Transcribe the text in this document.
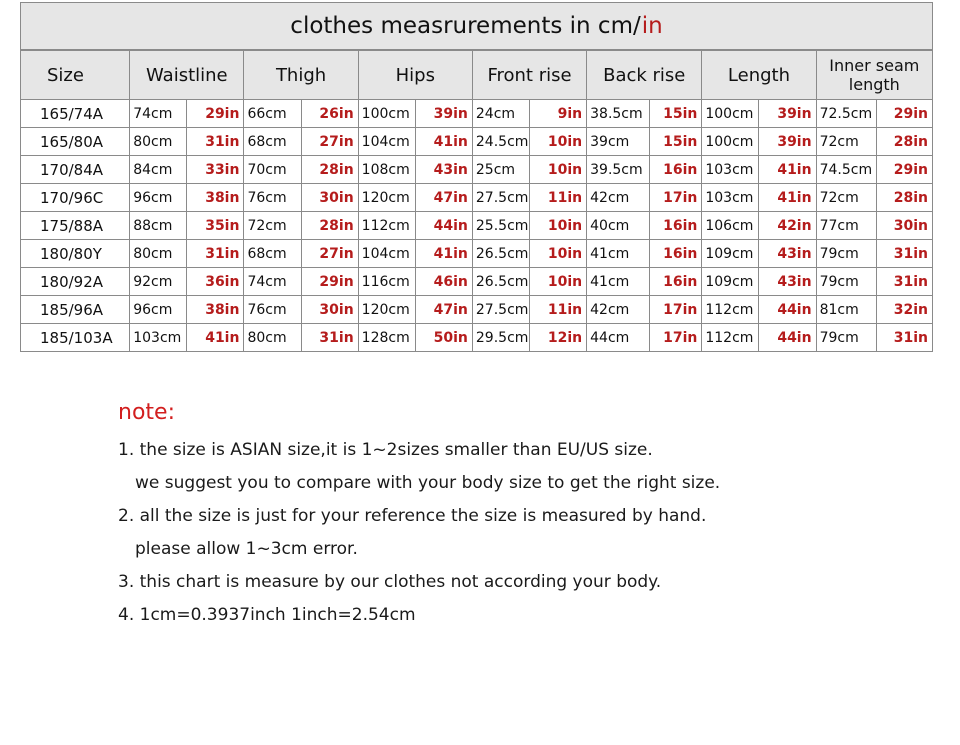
clothes measrurements in cm/ in
Size	Waistline		Thigh		Hips		Front rise		Back rise		Length		Inner seam length	
165/74A	74cm	29in	66cm	26in	100cm	39in	24cm	9in	38.5cm	15in	100cm	39in	72.5cm	29in
165/80A	80cm	31in	68cm	27in	104cm	41in	24.5cm	10in	39cm	15in	100cm	39in	72cm	28in
170/84A	84cm	33in	70cm	28in	108cm	43in	25cm	10in	39.5cm	16in	103cm	41in	74.5cm	29in
170/96C	96cm	38in	76cm	30in	120cm	47in	27.5cm	11in	42cm	17in	103cm	41in	72cm	28in
175/88A	88cm	35in	72cm	28in	112cm	44in	25.5cm	10in	40cm	16in	106cm	42in	77cm	30in
180/80Y	80cm	31in	68cm	27in	104cm	41in	26.5cm	10in	41cm	16in	109cm	43in	79cm	31in
180/92A	92cm	36in	74cm	29in	116cm	46in	26.5cm	10in	41cm	16in	109cm	43in	79cm	31in
185/96A	96cm	38in	76cm	30in	120cm	47in	27.5cm	11in	42cm	17in	112cm	44in	81cm	32in
185/103A	103cm	41in	80cm	31in	128cm	50in	29.5cm	12in	44cm	17in	112cm	44in	79cm	31in
note:
1. the size is ASIAN size,it is 1~2sizes smaller than EU/US size.
we suggest you to compare with your body size to get the right size.
2. all the size is just for your reference the size is measured by hand.
please allow 1~3cm error.
3. this chart is measure by our clothes not according your body.
4. 1cm=0.3937inch 1inch=2.54cm
